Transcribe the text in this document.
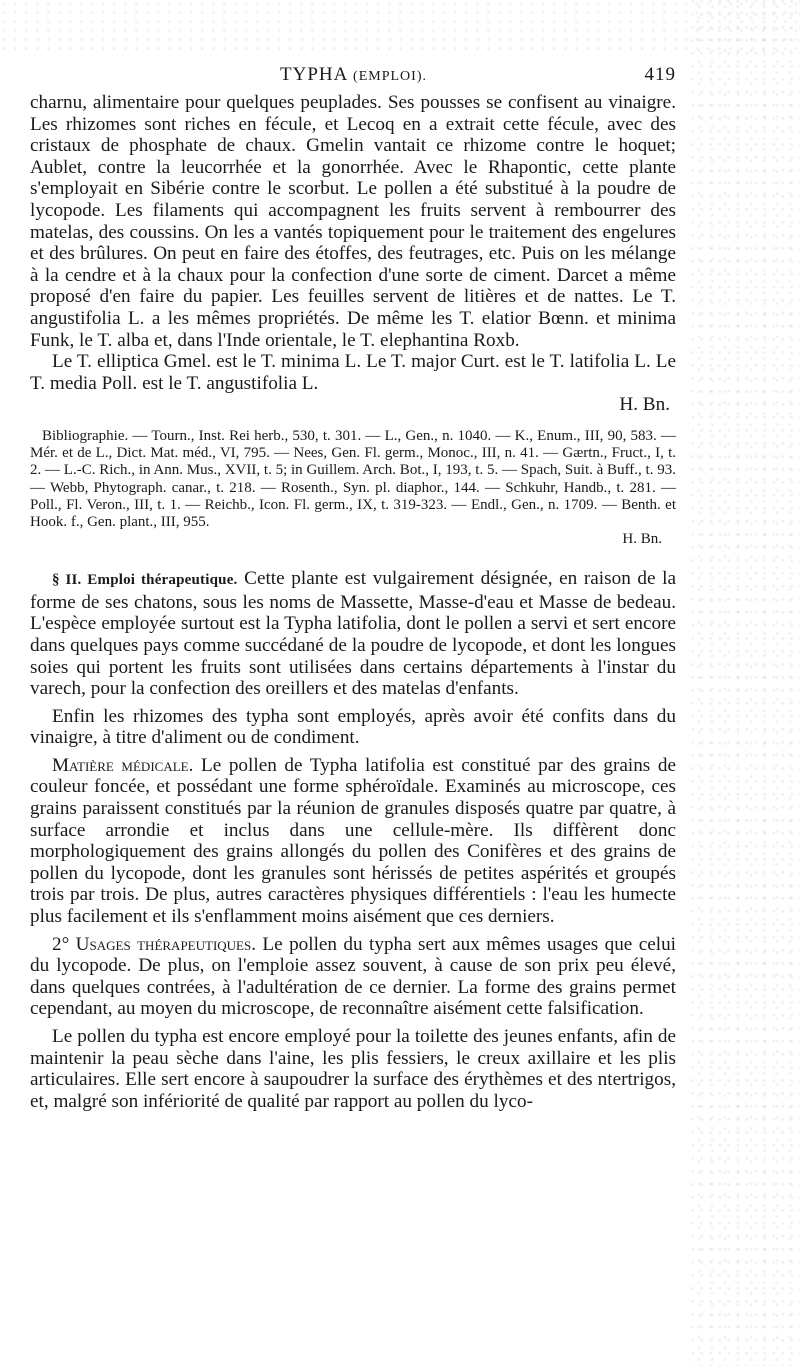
TYPHA (EMPLOI).	419

charnu, alimentaire pour quelques peuplades. Ses pousses se confisent au vinaigre. Les rhizomes sont riches en fécule, et Lecoq en a extrait cette fécule, avec des cristaux de phosphate de chaux. Gmelin vantait ce rhizome contre le hoquet; Aublet, contre la leucorrhée et la gonorrhée. Avec le Rhapontic, cette plante s'employait en Sibérie contre le scorbut. Le pollen a été substitué à la poudre de lycopode. Les filaments qui accompagnent les fruits servent à rembourrer des matelas, des coussins. On les a vantés topiquement pour le traitement des engelures et des brûlures. On peut en faire des étoffes, des feutrages, etc. Puis on les mélange à la cendre et à la chaux pour la confection d'une sorte de ciment. Darcet a même proposé d'en faire du papier. Les feuilles servent de litières et de nattes. Le T. angustifolia L. a les mêmes propriétés. De même les T. elatior Bœnn. et minima Funk, le T. alba et, dans l'Inde orientale, le T. elephantina Roxb.

Le T. elliptica Gmel. est le T. minima L. Le T. major Curt. est le T. latifolia L. Le T. media Poll. est le T. angustifolia L.
H. Bn.

Bibliographie. — Tourn., Inst. Rei herb., 530, t. 301. — L., Gen., n. 1040. — K., Enum., III, 90, 583. — Mér. et de L., Dict. Mat. méd., VI, 795. — Nees, Gen. Fl. germ., Monoc., III, n. 41. — Gærtn., Fruct., I, t. 2. — L.-C. Rich., in Ann. Mus., XVII, t. 5; in Guillem. Arch. Bot., I, 193, t. 5. — Spach, Suit. à Buff., t. 93. — Webb, Phytograph. canar., t. 218. — Rosenth., Syn. pl. diaphor., 144. — Schkuhr, Handb., t. 281. — Poll., Fl. Veron., III, t. 1. — Reichb., Icon. Fl. germ., IX, t. 319-323. — Endl., Gen., n. 1709. — Benth. et Hook. f., Gen. plant., III, 955.
H. Bn.

§ II. Emploi thérapeutique. Cette plante est vulgairement désignée, en raison de la forme de ses chatons, sous les noms de Massette, Masse-d'eau et Masse de bedeau. L'espèce employée surtout est la Typha latifolia, dont le pollen a servi et sert encore dans quelques pays comme succédané de la poudre de lycopode, et dont les longues soies qui portent les fruits sont utilisées dans certains départements à l'instar du varech, pour la confection des oreillers et des matelas d'enfants.

Enfin les rhizomes des typha sont employés, après avoir été confits dans du vinaigre, à titre d'aliment ou de condiment.

Matière médicale. Le pollen de Typha latifolia est constitué par des grains de couleur foncée, et possédant une forme sphéroïdale. Examinés au microscope, ces grains paraissent constitués par la réunion de granules disposés quatre par quatre, à surface arrondie et inclus dans une cellule-mère. Ils diffèrent donc morphologiquement des grains allongés du pollen des Conifères et des grains de pollen du lycopode, dont les granules sont hérissés de petites aspérités et groupés trois par trois. De plus, autres caractères physiques différentiels : l'eau les humecte plus facilement et ils s'enflamment moins aisément que ces derniers.

2° Usages thérapeutiques. Le pollen du typha sert aux mêmes usages que celui du lycopode. De plus, on l'emploie assez souvent, à cause de son prix peu élevé, dans quelques contrées, à l'adultération de ce dernier. La forme des grains permet cependant, au moyen du microscope, de reconnaître aisément cette falsification.

Le pollen du typha est encore employé pour la toilette des jeunes enfants, afin de maintenir la peau sèche dans l'aine, les plis fessiers, le creux axillaire et les plis articulaires. Elle sert encore à saupoudrer la surface des érythèmes et des ntertrigos, et, malgré son infériorité de qualité par rapport au pollen du lyco-
